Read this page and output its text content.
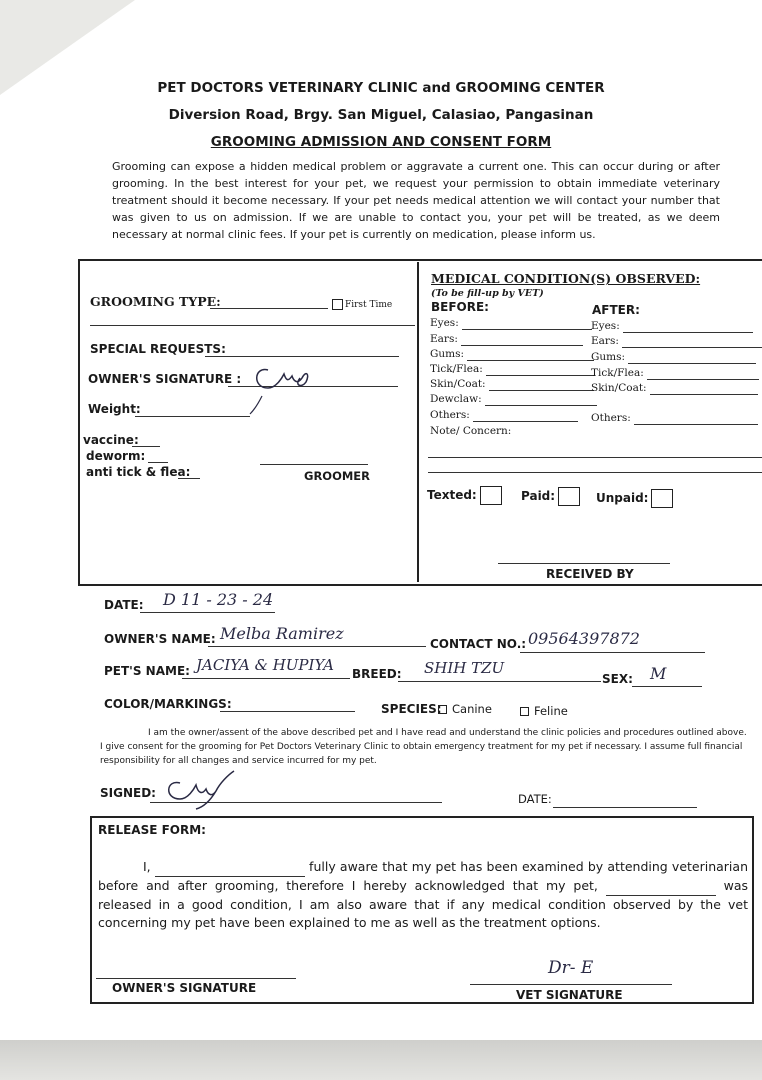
PET DOCTORS VETERINARY CLINIC and GROOMING CENTER
Diversion Road, Brgy. San Miguel, Calasiao, Pangasinan
GROOMING ADMISSION AND CONSENT FORM
Grooming can expose a hidden medical problem or aggravate a current one. This can occur during or after grooming. In the best interest for your pet, we request your permission to obtain immediate veterinary treatment should it become necessary. If your pet needs medical attention we will contact your number that was given to us on admission. If we are unable to contact you, your pet will be treated, as we deem necessary at normal clinic fees. If your pet is currently on medication, please inform us.
GROOMING TYPE:	First Time
SPECIAL REQUESTS:
OWNER'S SIGNATURE :
Weight:
vaccine:
deworm:
anti tick & flea:	GROOMER
MEDICAL CONDITION(S) OBSERVED:
(To be fill-up by VET)
BEFORE:	AFTER:
Eyes:
Ears:
Gums:
Tick/Flea:
Skin/Coat:
Dewclaw:
Others:
Note/ Concern:
Eyes:
Ears:
Gums:
Tick/Flea:
Skin/Coat:
Others:
Texted:	Paid:	Unpaid:
RECEIVED BY
DATE: D 11 - 23 - 24
OWNER'S NAME: Melba Ramirez
CONTACT NO.: 09564397872
PET'S NAME: JACIYA & HUPIYA BREED: SHIH TZU
SEX: M
COLOR/MARKINGS:	SPECIES: Canine	Feline
I am the owner/assent of the above described pet and I have read and understand the clinic policies and procedures outlined above.
I give consent for the grooming for Pet Doctors Veterinary Clinic to obtain emergency treatment for my pet if necessary. I assume full financial
responsibility for all changes and service incurred for my pet.
SIGNED:	DATE:
RELEASE FORM:
I,	fully aware that my pet has been examined by attending veterinarian before and after grooming, therefore I hereby acknowledged that my pet,	was released in a good condition, I am also aware that if any medical condition observed by the vet concerning my pet have been explained to me as well as the treatment options.
OWNER'S SIGNATURE
Dr- E
VET SIGNATURE
